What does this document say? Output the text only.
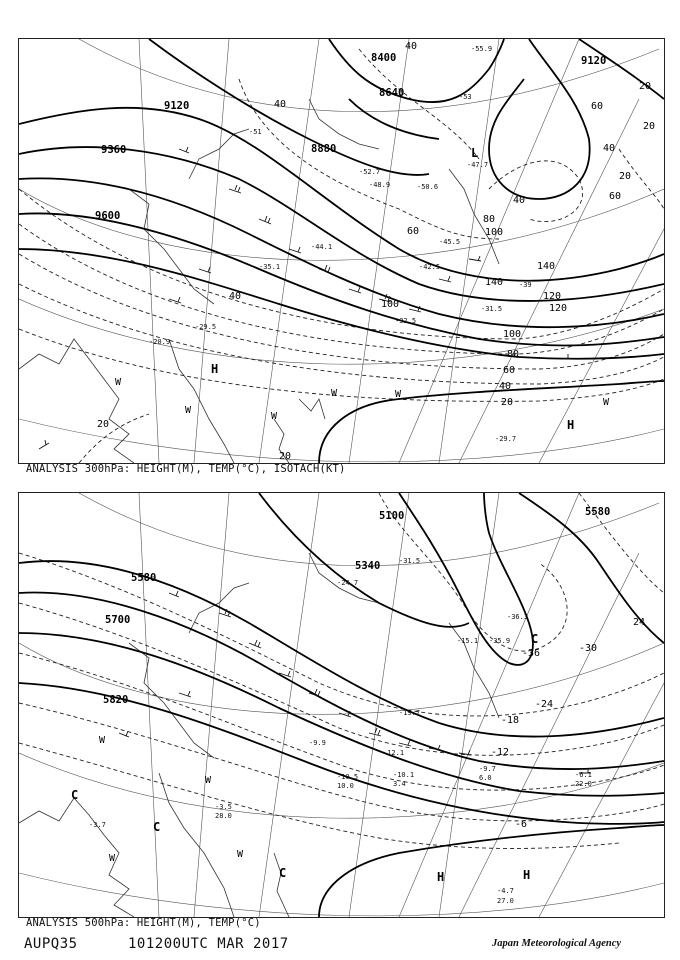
8400
8640
8880
9120
9120
9360
9600
40
40
60
60
80
100
120
140
100
80
60
40
20
20
20
20
120
40
40	60
40
20
20
140
100
H
H
L
W
W
W
W	W
W
-29.7
-32.5
-45.5
-48.9
-52.7
-50.6
-47.7
-42.5
-35.1
-29.5
-20.9
-51
-53
-55.9
-44.1
-39
-31.5
ANALYSIS 300hPa: HEIGHT(M), TEMP(°C), ISOTACH(KT)
5100
5340
5580
5580
5700
5820
-30
-24
-18
-12
-6
-36
24
H	H
C
C
C
C
W	W
W
W
-4.7
27.0
-6.1
22.0
-9.7
6.0
-10.1
3.4
-12.1
-19.7
-35.9
-36.3
-31.5
-24.7
-15.1
-3.7
-3.5
28.0
-9.9
-10.5
10.0
ANALYSIS 500hPa: HEIGHT(M), TEMP(°C)
AUPQ35	101200UTC MAR 2017	Japan Meteorological Agency
